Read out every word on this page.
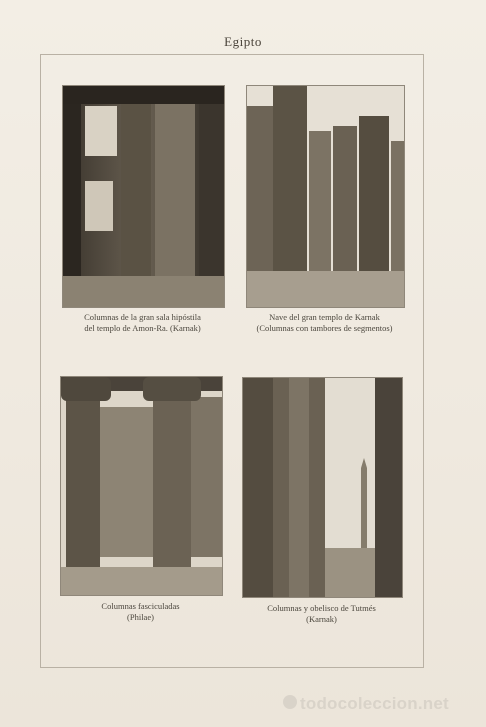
Egipto
Columnas de la gran sala hipóstila
del templo de Amon-Ra. (Karnak)
Nave del gran templo de Karnak
(Columnas con tambores de segmentos)
Columnas fasciculadas
(Philae)
Columnas y obelisco de Tutmés
(Karnak)
todocoleccion.net
